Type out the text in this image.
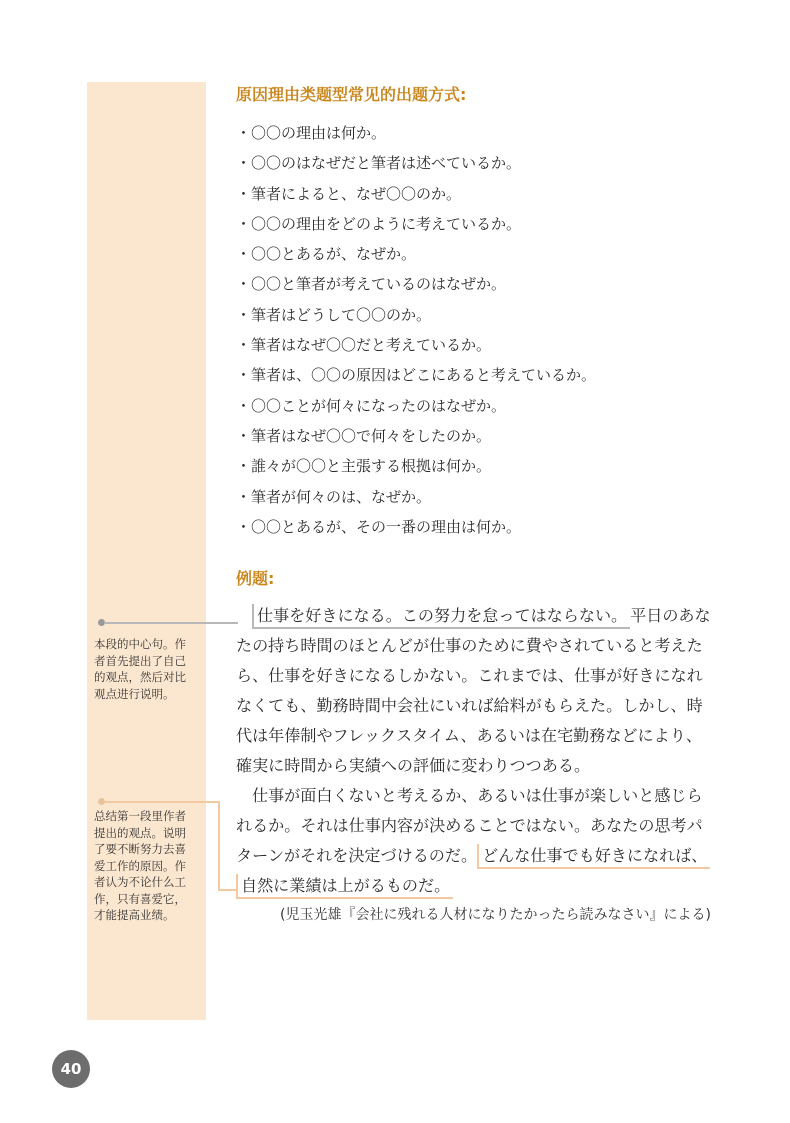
原因理由类题型常见的出题方式:
・〇〇の理由は何か。
・〇〇のはなぜだと筆者は述べているか。
・筆者によると、なぜ〇〇のか。
・〇〇の理由をどのように考えているか。
・〇〇とあるが、なぜか。
・〇〇と筆者が考えているのはなぜか。
・筆者はどうして〇〇のか。
・筆者はなぜ〇〇だと考えているか。
・筆者は、〇〇の原因はどこにあると考えているか。
・〇〇ことが何々になったのはなぜか。
・筆者はなぜ〇〇で何々をしたのか。
・誰々が〇〇と主張する根拠は何か。
・筆者が何々のは、なぜか。
・〇〇とあるが、その一番の理由は何か。
例题:
仕事を好きになる。この努力を怠ってはならない。 平日のあな
たの持ち時間のほとんどが仕事のために費やされていると考えた
ら、仕事を好きになるしかない。これまでは、仕事が好きになれ
なくても、勤務時間中会社にいれば給料がもらえた。しかし、時
代は年俸制やフレックスタイム、あるいは在宅勤務などにより、
確実に時間から実績への評価に変わりつつある。
仕事が面白くないと考えるか、あるいは仕事が楽しいと感じら
れるか。それは仕事内容が決めることではない。あなたの思考パ
ターンがそれを決定づけるのだ。 どんな仕事でも好きになれば、
自然に業績は上がるものだ。
(児玉光雄『会社に残れる人材になりたかったら読みなさい』による)
本段的中心句。作
者首先提出了自己
的观点，然后对比
观点进行说明。
总结第一段里作者
提出的观点。说明
了要不断努力去喜
爱工作的原因。作
者认为不论什么工
作，只有喜爱它，
才能提高业绩。
40
